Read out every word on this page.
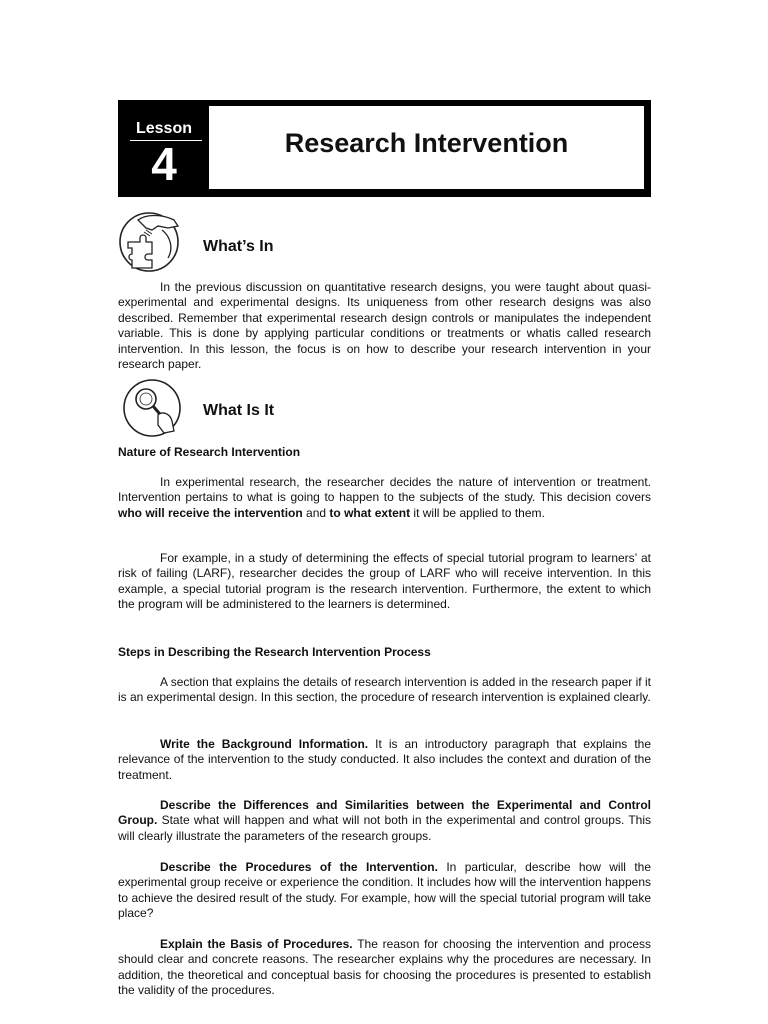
Lesson
4	Research Intervention
What’s In

In the previous discussion on quantitative research designs, you were taught about quasi-experimental and experimental designs. Its uniqueness from other research designs was also described. Remember that experimental research design controls or manipulates the independent variable. This is done by applying particular conditions or treatments or whatis called research intervention. In this lesson, the focus is on how to describe your research intervention in your research paper.

What Is It

Nature of Research Intervention

In experimental research, the researcher decides the nature of intervention or treatment. Intervention pertains to what is going to happen to the subjects of the study. This decision covers who will receive the intervention and to what extent it will be applied to them.

For example, in a study of determining the effects of special tutorial program to learners’ at risk of failing (LARF), researcher decides the group of LARF who will receive intervention. In this example, a special tutorial program is the research intervention. Furthermore, the extent to which the program will be administered to the learners is determined.

Steps in Describing the Research Intervention Process

A section that explains the details of research intervention is added in the research paper if it is an experimental design. In this section, the procedure of research intervention is explained clearly.

Write the Background Information. It is an introductory paragraph that explains the relevance of the intervention to the study conducted. It also includes the context and duration of the treatment.

Describe the Differences and Similarities between the Experimental and Control Group. State what will happen and what will not both in the experimental and control groups. This will clearly illustrate the parameters of the research groups.

Describe the Procedures of the Intervention. In particular, describe how will the experimental group receive or experience the condition. It includes how will the intervention happens to achieve the desired result of the study. For example, how will the special tutorial program will take place?

Explain the Basis of Procedures. The reason for choosing the intervention and process should clear and concrete reasons. The researcher explains why the procedures are necessary. In addition, the theoretical and conceptual basis for choosing the procedures is presented to establish the validity of the procedures.
